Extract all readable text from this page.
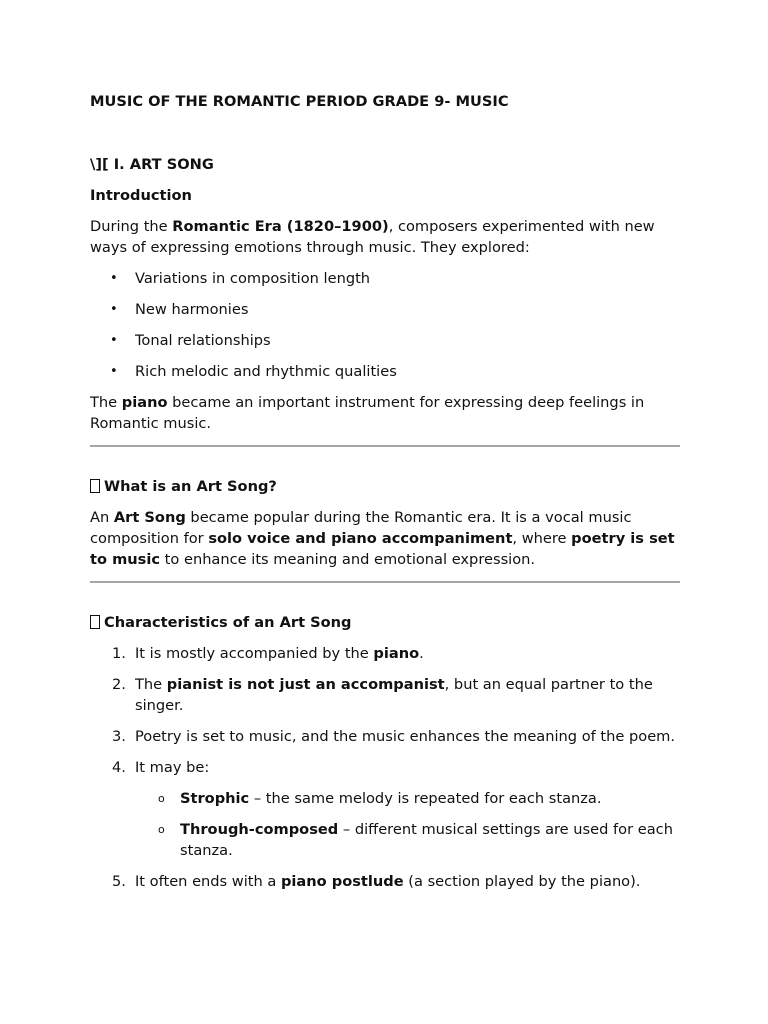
MUSIC OF THE ROMANTIC PERIOD GRADE 9- MUSIC
\][ I. ART SONG
Introduction

During the Romantic Era (1820–1900), composers experimented with new ways of expressing emotions through music. They explored:

• Variations in composition length
• New harmonies
• Tonal relationships
• Rich melodic and rhythmic qualities

The piano became an important instrument for expressing deep feelings in Romantic music.

What is an Art Song?

An Art Song became popular during the Romantic era. It is a vocal music composition for solo voice and piano accompaniment, where poetry is set to music to enhance its meaning and emotional expression.

Characteristics of an Art Song
1. It is mostly accompanied by the piano.
2. The pianist is not just an accompanist, but an equal partner to the singer.
3. Poetry is set to music, and the music enhances the meaning of the poem.
4. It may be:
o Strophic – the same melody is repeated for each stanza.
o Through-composed – different musical settings are used for each stanza.
5. It often ends with a piano postlude (a section played by the piano).
